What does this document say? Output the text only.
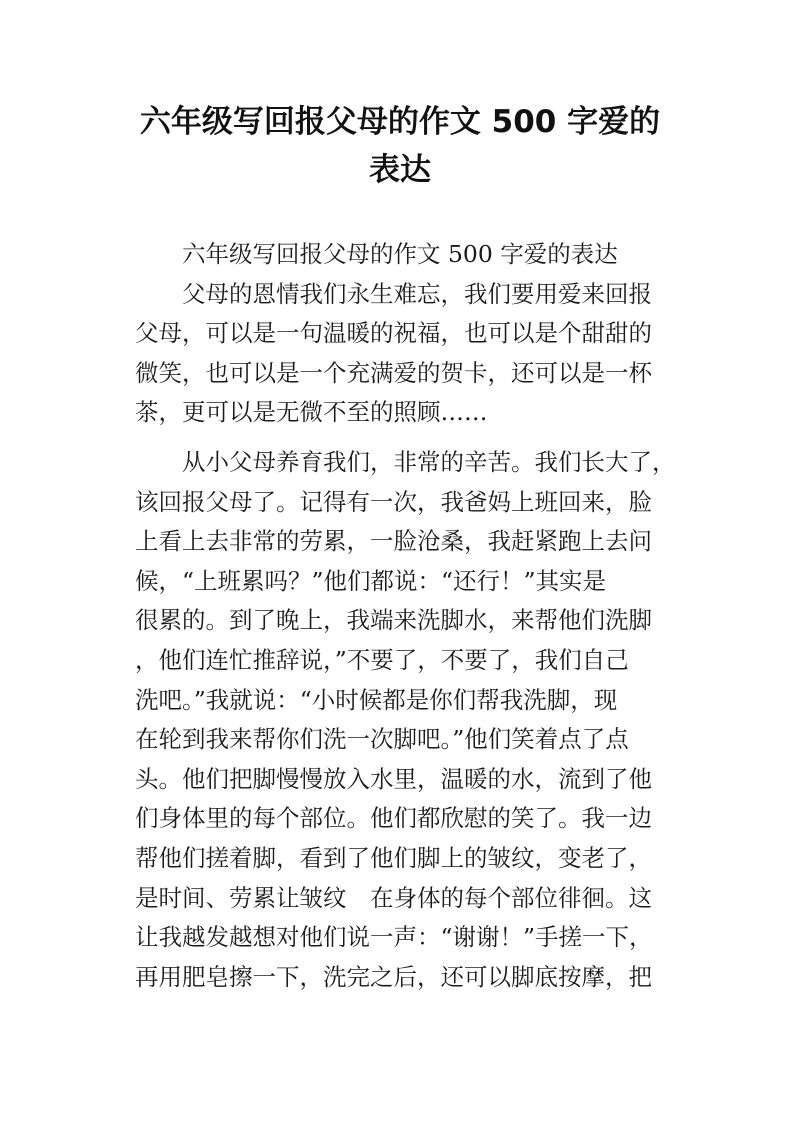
六年级写回报父母的作文 500 字爱的
表达
六年级写回报父母的作文 500 字爱的表达
父母的恩情我们永生难忘，我们要用爱来回报
父母，可以是一句温暖的祝福，也可以是个甜甜的
微笑，也可以是一个充满爱的贺卡，还可以是一杯
茶，更可以是无微不至的照顾……
从小父母养育我们，非常的辛苦。我们长大了，
该回报父母了。记得有一次，我爸妈上班回来，脸
上看上去非常的劳累，一脸沧桑，我赶紧跑上去问
候，“上班累吗？”他们都说：“还行！”其实是
很累的。到了晚上，我端来洗脚水，来帮他们洗脚
，他们连忙推辞说，”不要了，不要了，我们自己
洗吧。”我就说：“小时候都是你们帮我洗脚，现
在轮到我来帮你们洗一次脚吧。”他们笑着点了点
头。他们把脚慢慢放入水里，温暖的水，流到了他
们身体里的每个部位。他们都欣慰的笑了。我一边
帮他们搓着脚，看到了他们脚上的皱纹，变老了，
是时间、劳累让皱纹　在身体的每个部位徘徊。这
让我越发越想对他们说一声：“谢谢！”手搓一下，
再用肥皂擦一下，洗完之后，还可以脚底按摩，把
